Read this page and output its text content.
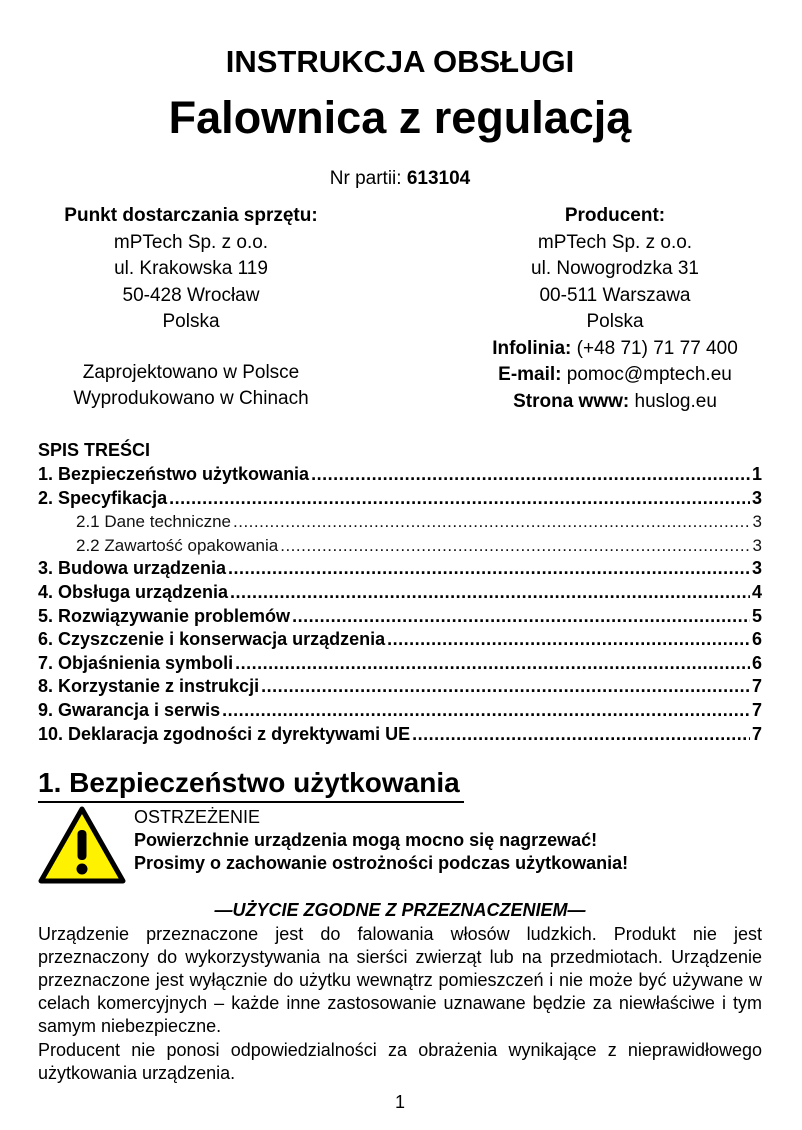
INSTRUKCJA OBSŁUGI
Falownica z regulacją
Nr partii: 613104
Punkt dostarczania sprzętu:
mPTech Sp. z o.o.
ul. Krakowska 119
50-428 Wrocław
Polska
Zaprojektowano w Polsce
Wyprodukowano w Chinach
Producent:
mPTech Sp. z o.o.
ul. Nowogrodzka 31
00-511 Warszawa
Polska
Infolinia: (+48 71) 71 77 400
E-mail: pomoc@mptech.eu
Strona www: huslog.eu
SPIS TREŚCI
1. Bezpieczeństwo użytkowania .....	1
2. Specyfikacja .....	3
2.1 Dane techniczne .....	3
2.2 Zawartość opakowania .....	3
3. Budowa urządzenia .....	3
4. Obsługa urządzenia .....	4
5. Rozwiązywanie problemów .....	5
6. Czyszczenie i konserwacja urządzenia .....	6
7. Objaśnienia symboli .....	6
8. Korzystanie z instrukcji .....	7
9. Gwarancja i serwis .....	7
10. Deklaracja zgodności z dyrektywami UE .....	7
1. Bezpieczeństwo użytkowania
OSTRZEŻENIE
Powierzchnie urządzenia mogą mocno się nagrzewać!
Prosimy o zachowanie ostrożności podczas użytkowania!
—UŻYCIE ZGODNE Z PRZEZNACZENIEM—
Urządzenie przeznaczone jest do falowania włosów ludzkich. Produkt nie jest przeznaczony do wykorzystywania na sierści zwierząt lub na przedmiotach. Urządzenie przeznaczone jest wyłącznie do użytku wewnątrz pomieszczeń i nie może być używane w celach komercyjnych – każde inne zastosowanie uznawane będzie za niewłaściwe i tym samym niebezpieczne.
Producent nie ponosi odpowiedzialności za obrażenia wynikające z nieprawidłowego użytkowania urządzenia.
1
